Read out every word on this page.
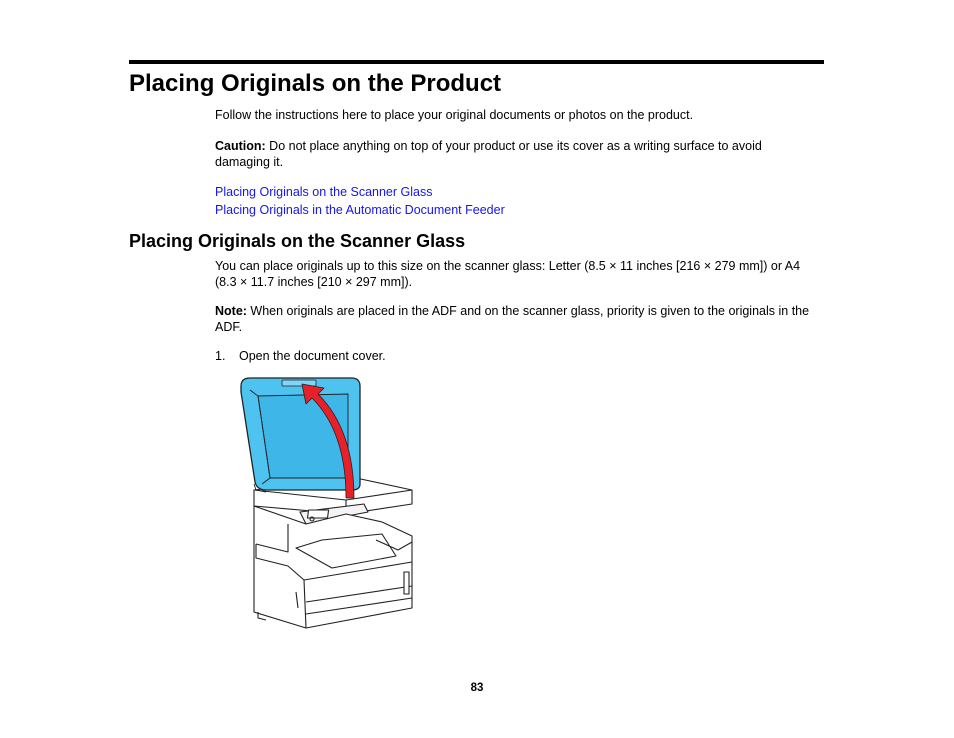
Placing Originals on the Product

Follow the instructions here to place your original documents or photos on the product.

Caution: Do not place anything on top of your product or use its cover as a writing surface to avoid damaging it.

Placing Originals on the Scanner Glass
Placing Originals in the Automatic Document Feeder
Placing Originals on the Scanner Glass

You can place originals up to this size on the scanner glass: Letter (8.5 × 11 inches [216 × 279 mm]) or A4 (8.3 × 11.7 inches [210 × 297 mm]).

Note: When originals are placed in the ADF and on the scanner glass, priority is given to the originals in the ADF.

1. Open the document cover.
83
